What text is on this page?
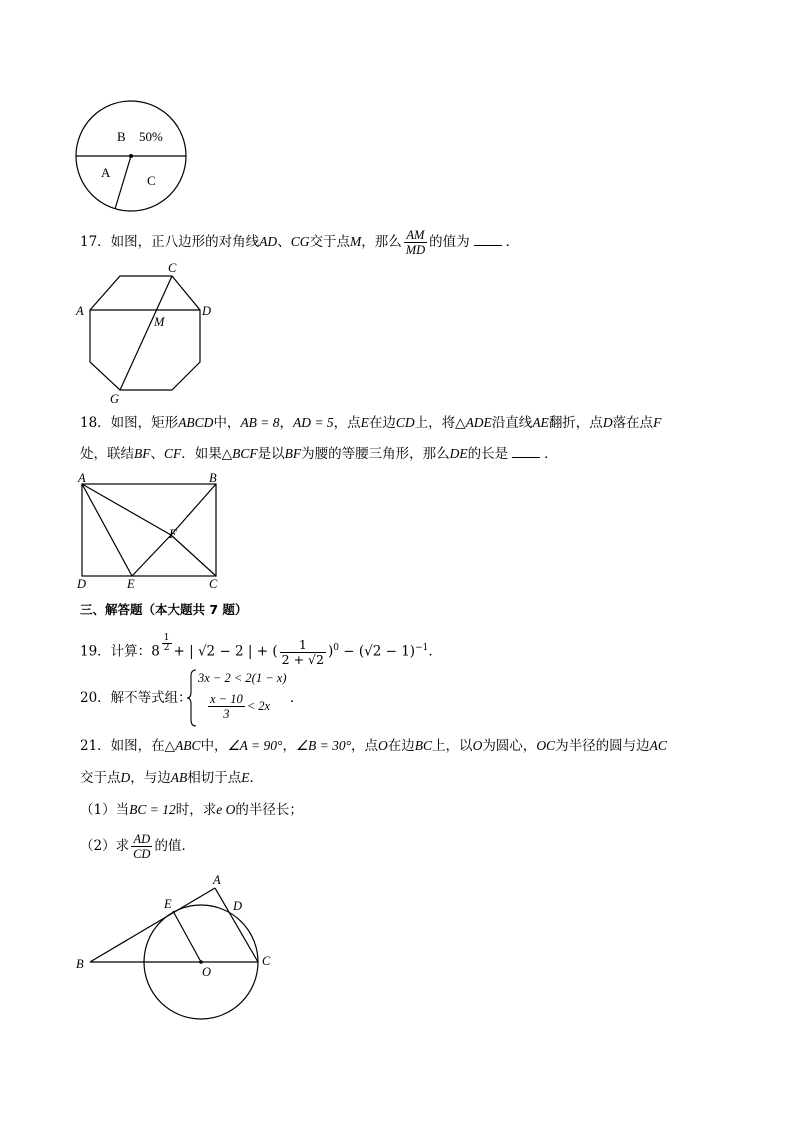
B 50%
A
C
17．如图，正八边形的对角线AD、CG交于点M，那么 $\frac{AM}{MD}$ 的值为	．
C
A	D
M
G
18．如图，矩形ABCD中，AB = 8，AD = 5，点E在边CD上，将△ADE沿直线AE翻折，点D落在点F
处，联结BF、CF．如果△BCF是以BF为腰的等腰三角形，那么DE的长是	．
A	B
F
D	E	C
三、解答题（本大题共 7 题）
19．计算：$8 \frac{1}{2}$ + | √2 − 2 | + ( $\frac{1}{2 + √2} )^0 - (√2 - 1)^{-1}$．
20．解不等式组：
3x − 2 < 2(1 − x)
$\frac{x - 10}{3} < 2x$ ．
21．如图，在△ABC中，∠A = 90°，∠B = 30°，点O在边BC上，以O为圆心，OC为半径的圆与边AC
交于点D，与边AB相切于点E．
（1）当BC = 12时，求e O的半径长；
（2）求 $\frac{AD}{CD}$ 的值．
A
E	D
B
O
C
